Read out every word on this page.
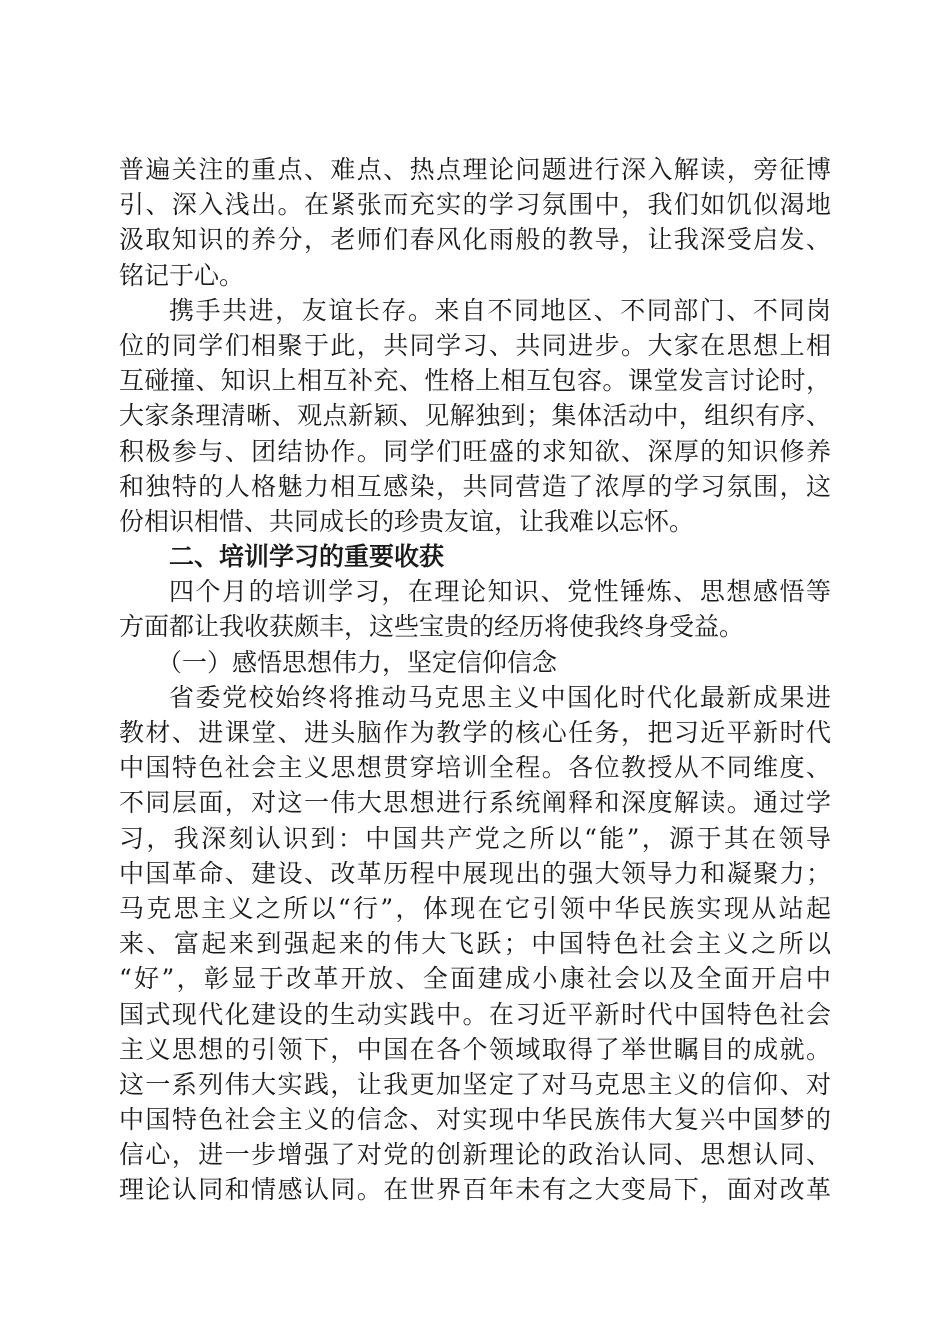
普遍关注的重点、难点、热点理论问题进行深入解读，旁征博
引、深入浅出。在紧张而充实的学习氛围中，我们如饥似渴地
汲取知识的养分，老师们春风化雨般的教导，让我深受启发、
铭记于心。
携手共进，友谊长存。来自不同地区、不同部门、不同岗
位的同学们相聚于此，共同学习、共同进步。大家在思想上相
互碰撞、知识上相互补充、性格上相互包容。课堂发言讨论时，
大家条理清晰、观点新颖、见解独到；集体活动中，组织有序、
积极参与、团结协作。同学们旺盛的求知欲、深厚的知识修养
和独特的人格魅力相互感染，共同营造了浓厚的学习氛围，这
份相识相惜、共同成长的珍贵友谊，让我难以忘怀。
二、培训学习的重要收获
四个月的培训学习，在理论知识、党性锤炼、思想感悟等
方面都让我收获颇丰，这些宝贵的经历将使我终身受益。
（一）感悟思想伟力，坚定信仰信念
省委党校始终将推动马克思主义中国化时代化最新成果进
教材、进课堂、进头脑作为教学的核心任务，把习近平新时代
中国特色社会主义思想贯穿培训全程。各位教授从不同维度、
不同层面，对这一伟大思想进行系统阐释和深度解读。通过学
习，我深刻认识到：中国共产党之所以“能”，源于其在领导
中国革命、建设、改革历程中展现出的强大领导力和凝聚力；
马克思主义之所以“行”，体现在它引领中华民族实现从站起
来、富起来到强起来的伟大飞跃；中国特色社会主义之所以
“好”，彰显于改革开放、全面建成小康社会以及全面开启中
国式现代化建设的生动实践中。在习近平新时代中国特色社会
主义思想的引领下，中国在各个领域取得了举世瞩目的成就。
这一系列伟大实践，让我更加坚定了对马克思主义的信仰、对
中国特色社会主义的信念、对实现中华民族伟大复兴中国梦的
信心，进一步增强了对党的创新理论的政治认同、思想认同、
理论认同和情感认同。在世界百年未有之大变局下，面对改革
